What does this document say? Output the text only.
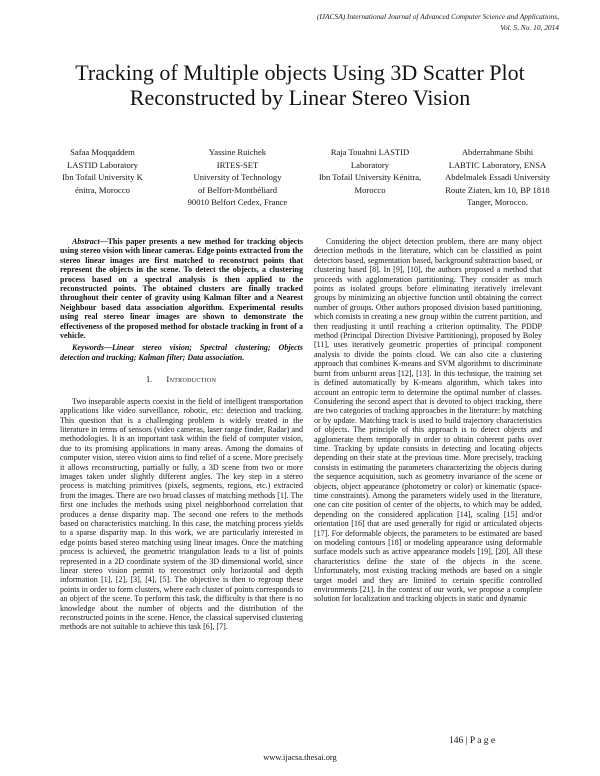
(IJACSA) International Journal of Advanced Computer Science and Applications,
Vol. 5, No. 10, 2014
Tracking of Multiple objects Using 3D Scatter Plot
Reconstructed by Linear Stereo Vision
Safaa Moqqaddem
LASTID Laboratory
Ibn Tofail University K
énitra, Morocco
Yassine Ruichek
IRTES-SET
University of Technology
of Belfort-Montbéliard
90010 Belfort Cedex, France
Raja Touahni LASTID
Laboratory
Ibn Tofail University Kénitra,
Morocco
Abderrahmane Sbihi
LABTIC Laboratory, ENSA
Abdelmalek Essadi University
Route Ziaten, km 10, BP 1818
Tanger, Morocco.

Abstract—This paper presents a new method for tracking objects using stereo vision with linear cameras. Edge points extracted from the stereo linear images are first matched to reconstruct points that represent the objects in the scene. To detect the objects, a clustering process based on a spectral analysis is then applied to the reconstructed points. The obtained clusters are finally tracked throughout their center of gravity using Kalman filter and a Nearest Neighbour based data association algorithm. Experimental results using real stereo linear images are shown to demonstrate the effectiveness of the proposed method for obstacle tracking in front of a vehicle.

Keywords—Linear stereo vision; Spectral clustering; Objects detection and tracking; Kalman filter; Data association.

I. Introduction

Two inseparable aspects coexist in the field of intelligent transportation applications like video surveillance, robotic, etc: detection and tracking. This question that is a challenging problem is widely treated in the literature in terms of sensors (video cameras, laser range finder, Radar) and methodologies. It is an important task within the field of computer vision, due to its promising applications in many areas. Among the domains of computer vision, stereo vision aims to find relief of a scene. More precisely it allows reconstructing, partially or fully, a 3D scene from two or more images taken under slightly different angles. The key step in a stereo process is matching primitives (pixels, segments, regions, etc.) extracted from the images. There are two broad classes of matching methods [1]. The first one includes the methods using pixel neighborhood correlation that produces a dense disparity map. The second one refers to the methods based on characteristics matching. In this case, the matching process yields to a sparse disparity map. In this work, we are particularly interested in edge points based stereo matching using linear images. Once the matching process is achieved, the geometric triangulation leads to a list of points represented in a 2D coordinate system of the 3D dimensional world, since linear stereo vision permit to reconstruct only horizontal and depth information [1], [2], [3], [4], [5]. The objective is then to regroup these points in order to form clusters, where each cluster of points corresponds to an object of the scene. To perform this task, the difficulty is that there is no knowledge about the number of objects and the distribution of the reconstructed points in the scene. Hence, the classical supervised clustering methods are not suitable to achieve this task [6], [7].

Considering the object detection problem, there are many object detection methods in the literature, which can be classified as point detectors based, segmentation based, background subtraction based, or clustering based [8]. In [9], [10], the authors proposed a method that proceeds with agglomeration partitioning. They consider as much points as isolated groups before eliminating iteratively irrelevant groups by minimizing an objective function until obtaining the correct number of groups. Other authors proposed division based partitioning, which consists in creating a new group within the current partition, and then readjusting it until reaching a criterion optimality. The PDDP method (Principal Direction Divisive Partitioning), proposed by Boley [11], uses iteratively geometric properties of principal component analysis to divide the points cloud. We can also cite a clustering approach that combines K-means and SVM algorithms to discriminate burnt from unburnt areas [12], [13]. In this technique, the training set is defined automatically by K-means algorithm, which takes into account an entropic term to determine the optimal number of classes. Considering the second aspect that is devoted to object tracking, there are two categories of tracking approaches in the literature: by matching or by update. Matching track is used to build trajectory characteristics of objects. The principle of this approach is to detect objects and agglomerate them temporally in order to obtain coherent paths over time. Tracking by update consists in detecting and locating objects depending on their state at the previous time. More precisely, tracking consists in estimating the parameters characterizing the objects during the sequence acquisition, such as geometry invariance of the scene or objects, object appearance (photometry or color) or kinematic (space-time constraints). Among the parameters widely used in the literature, one can cite position of center of the objects, to which may be added, depending on the considered application [14], scaling [15] and/or orientation [16] that are used generally for rigid or articulated objects [17]. For deformable objects, the parameters to be estimated are based on modeling contours [18] or modeling appearance using deformable surface models such as active appearance models [19], [20]. All these characteristics define the state of the objects in the scene. Unfortunately, most existing tracking methods are based on a single target model and they are limited to certain specific controlled environments [21]. In the context of our work, we propose a complete solution for localization and tracking objects in static and dynamic

146 | P a g e
www.ijacsa.thesai.org
